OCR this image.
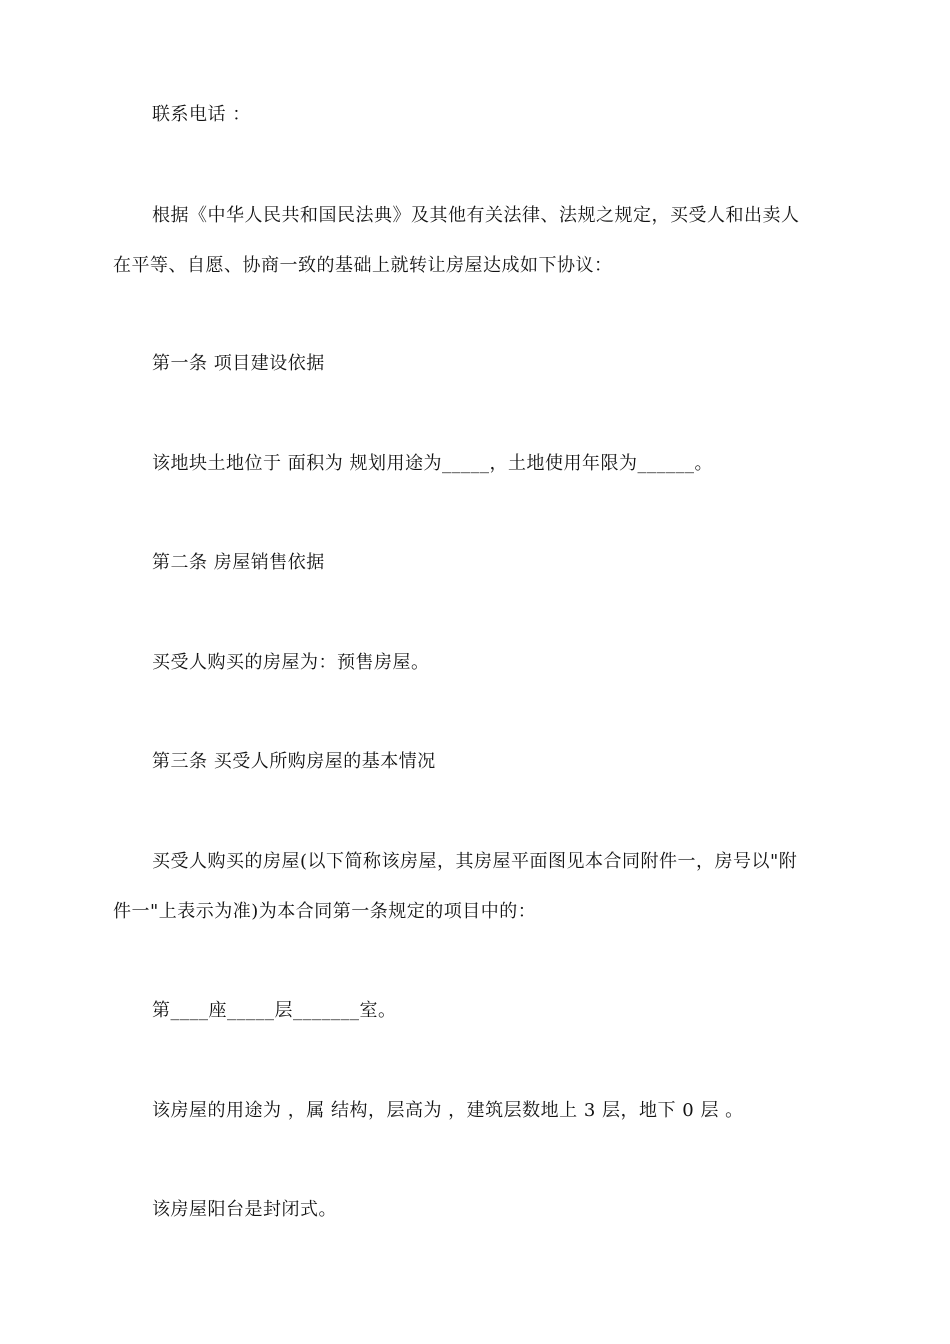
联系电话 ：
根据《中华人民共和国民法典》及其他有关法律、法规之规定，买受人和出卖人
在平等、自愿、协商一致的基础上就转让房屋达成如下协议：
第一条 项目建设依据
该地块土地位于 面积为 规划用途为_____，土地使用年限为______。
第二条 房屋销售依据
买受人购买的房屋为：预售房屋。
第三条 买受人所购房屋的基本情况
买受人购买的房屋(以下简称该房屋，其房屋平面图见本合同附件一，房号以"附
件一"上表示为准)为本合同第一条规定的项目中的：
第____座_____层_______室。
该房屋的用途为 ，属 结构，层高为 ，建筑层数地上 3 层，地下 0 层 。
该房屋阳台是封闭式。
